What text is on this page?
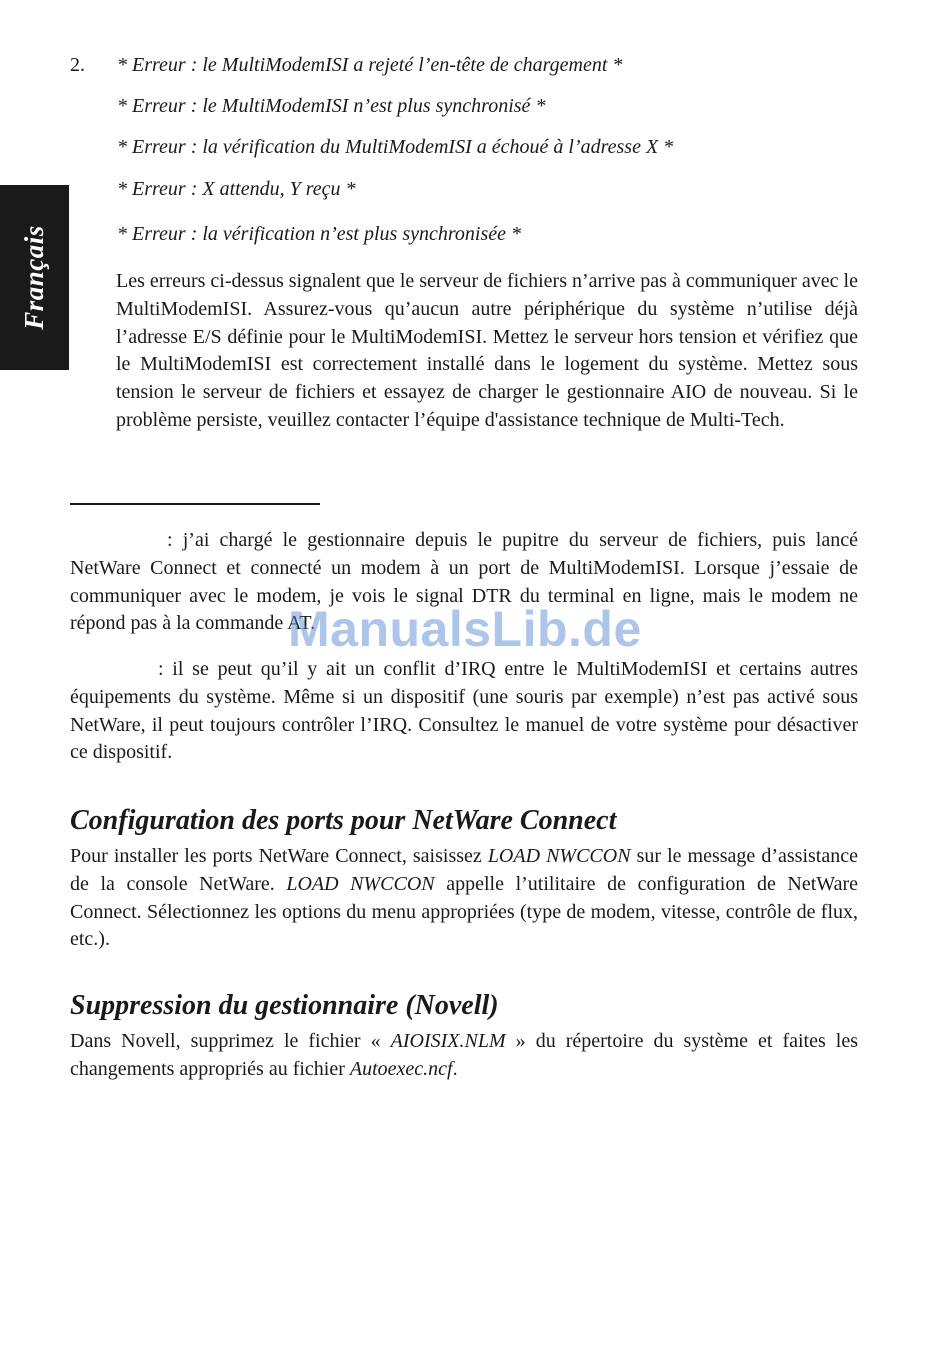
Français
2. * Erreur : le MultiModemISI a rejeté l’en-tête de chargement *
* Erreur : le MultiModemISI n’est plus synchronisé *
* Erreur : la vérification du MultiModemISI a échoué à l’adresse X *
* Erreur : X attendu, Y reçu *
* Erreur : la vérification n’est plus synchronisée *

Les erreurs ci-dessus signalent que le serveur de fichiers n’arrive pas à communiquer avec le MultiModemISI. Assurez-vous qu’aucun autre périphérique du système n’utilise déjà l’adresse E/S définie pour le MultiModemISI. Mettez le serveur hors tension et vérifiez que le MultiModemISI est correctement installé dans le logement du système. Mettez sous tension le serveur de fichiers et essayez de charger le gestionnaire AIO de nouveau. Si le problème persiste, veuillez contacter l’équipe d'assistance technique de Multi-Tech.

: j’ai chargé le gestionnaire depuis le pupitre du serveur de fichiers, puis lancé NetWare Connect et connecté un modem à un port de MultiModemISI. Lorsque j’essaie de communiquer avec le modem, je vois le signal DTR du terminal en ligne, mais le modem ne répond pas à la commande AT.

: il se peut qu’il y ait un conflit d’IRQ entre le MultiModemISI et certains autres équipements du système. Même si un dispositif (une souris par exemple) n’est pas activé sous NetWare, il peut toujours contrôler l’IRQ. Consultez le manuel de votre système pour désactiver ce dispositif.

Configuration des ports pour NetWare Connect

Pour installer les ports NetWare Connect, saisissez LOAD NWCCON sur le message d’assistance de la console NetWare. LOAD NWCCON appelle l’utilitaire de configuration de NetWare Connect. Sélectionnez les options du menu appropriées (type de modem, vitesse, contrôle de flux, etc.).

Suppression du gestionnaire (Novell)

Dans Novell, supprimez le fichier « AIOISIX.NLM » du répertoire du système et faites les changements appropriés au fichier Autoexec.ncf.

ManualsLib.de
